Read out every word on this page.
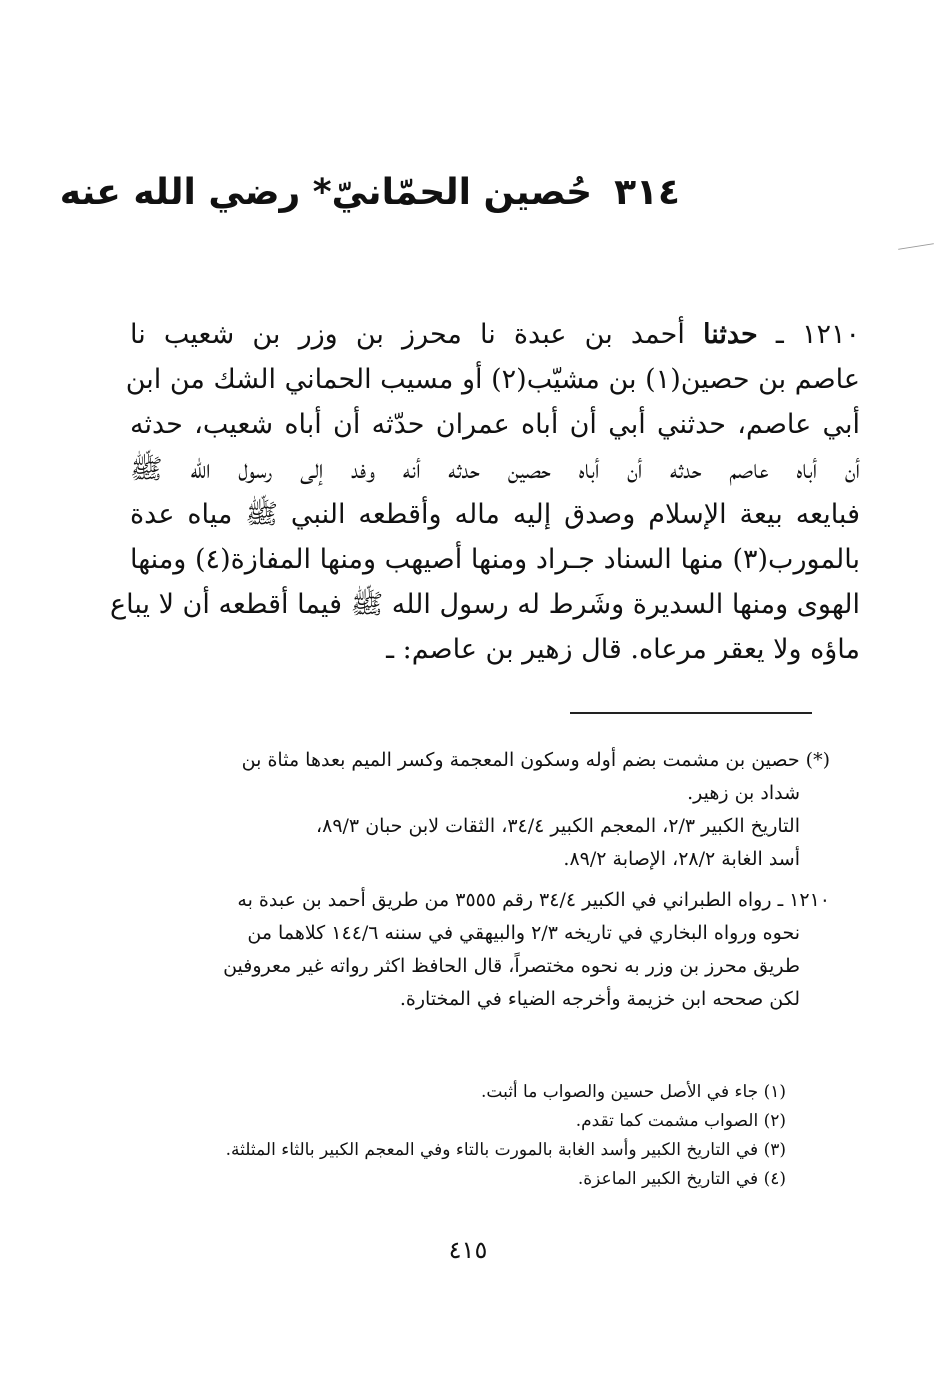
٣١٤حُصين الحمّانيّ* رضي الله عنه
١٢١٠ ـ حدثنا أحمد بن عبدة نا محرز بن وزر بن شعيب نا
عاصم بن حصين(١) بن مشيّب(٢) أو مسيب الحماني الشك من ابن
أبي عاصم، حدثني أبي أن أباه عمران حدّثه أن أباه شعيب، حدثه
أن أباه عاصم حدثه أن أباه حصين حدثه أنه وفد إلى رسول الله ﷺ
فبايعه بيعة الإسلام وصدق إليه ماله وأقطعه النبي ﷺ مياه عدة
بالمورب(٣) منها السناد جـراد ومنها أصيهب ومنها المفازة(٤) ومنها
الهوى ومنها السديرة وشَرط له رسول الله ﷺ فيما أقطعه أن لا يباع
ماؤه ولا يعقر مرعاه. قال زهير بن عاصم: ـ
(*) حصين بن مشمت بضم أوله وسكون المعجمة وكسر الميم بعدها مثاة بن
شداد بن زهير.
التاريخ الكبير ٢/٣، المعجم الكبير ٣٤/٤، الثقات لابن حبان ٨٩/٣،
أسد الغابة ٢٨/٢، الإصابة ٨٩/٢.
١٢١٠ ـ رواه الطبراني في الكبير ٣٤/٤ رقم ٣٥٥٥ من طريق أحمد بن عبدة به
نحوه ورواه البخاري في تاريخه ٢/٣ والبيهقي في سننه ١٤٤/٦ كلاهما من
طريق محرز بن وزر به نحوه مختصراً، قال الحافظ اكثر رواته غير معروفين
لكن صححه ابن خزيمة وأخرجه الضياء في المختارة.
(١) جاء في الأصل حسين والصواب ما أثبت.
(٢) الصواب مشمت كما تقدم.
(٣) في التاريخ الكبير وأسد الغابة بالمورت بالتاء وفي المعجم الكبير بالثاء المثلثة.
(٤) في التاريخ الكبير الماعزة.
٤١٥
